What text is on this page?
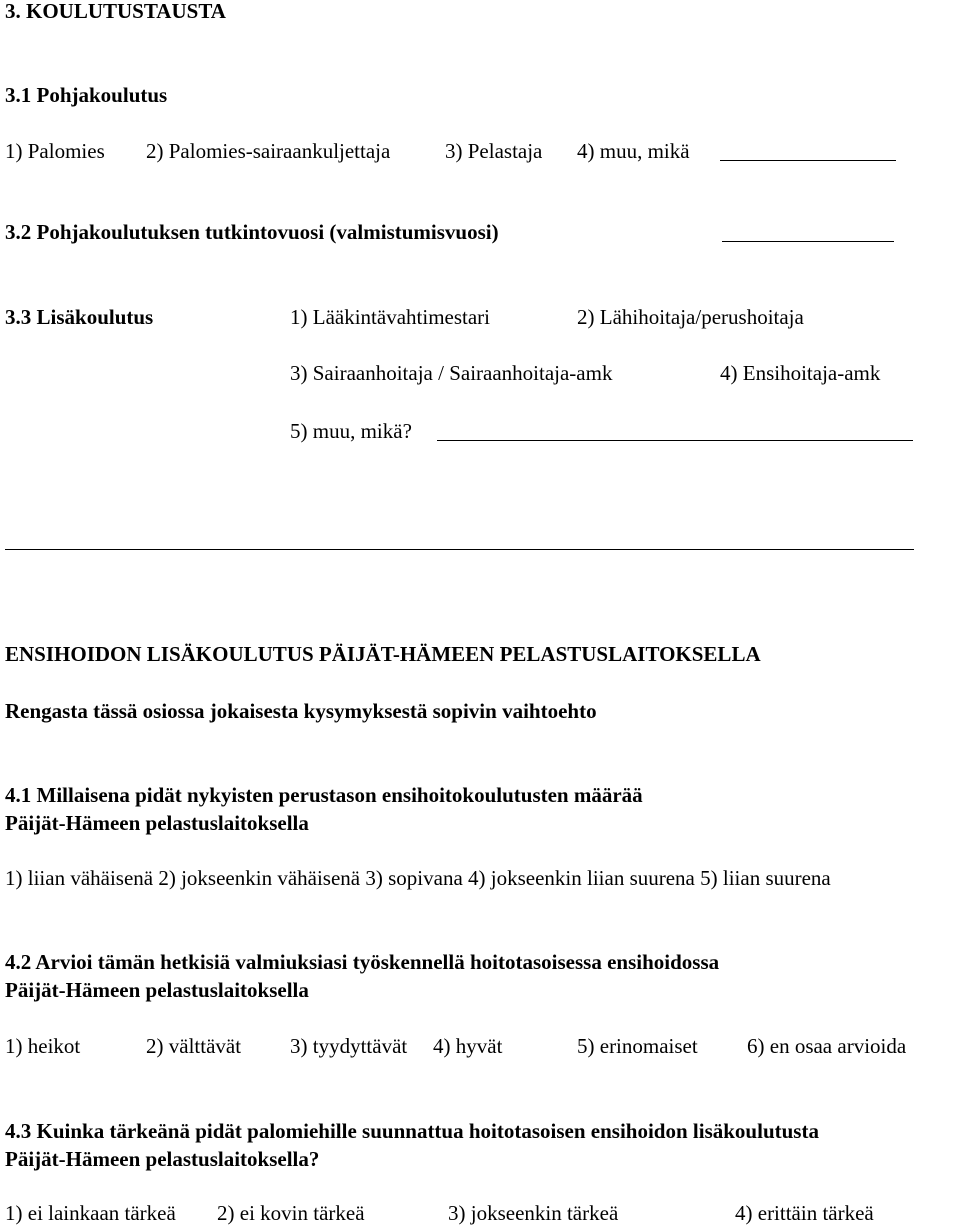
3. KOULUTUSTAUSTA
3.1 Pohjakoulutus
1) Palomies 2) Palomies-sairaankuljettaja	3) Pelastaja 4) muu, mikä
3.2 Pohjakoulutuksen tutkintovuosi (valmistumisvuosi)
3.3 Lisäkoulutus	1) Lääkintävahtimestari	2) Lähihoitaja/perushoitaja
3) Sairaanhoitaja / Sairaanhoitaja-amk	4) Ensihoitaja-amk
5) muu, mikä?
ENSIHOIDON LISÄKOULUTUS PÄIJÄT-HÄMEEN PELASTUSLAITOKSELLA
Rengasta tässä osiossa jokaisesta kysymyksestä sopivin vaihtoehto
4.1 Millaisena pidät nykyisten perustason ensihoitokoulutusten määrää
Päijät-Hämeen pelastuslaitoksella
1) liian vähäisenä 2) jokseenkin vähäisenä 3) sopivana 4) jokseenkin liian suurena 5) liian suurena
4.2 Arvioi tämän hetkisiä valmiuksiasi työskennellä hoitotasoisessa ensihoidossa
Päijät-Hämeen pelastuslaitoksella
1) heikot	2) välttävät 3) tyydyttävät 4) hyvät	5) erinomaiset 6) en osaa arvioida
4.3 Kuinka tärkeänä pidät palomiehille suunnattua hoitotasoisen ensihoidon lisäkoulutusta
Päijät-Hämeen pelastuslaitoksella?
1) ei lainkaan tärkeä 2) ei kovin tärkeä	3) jokseenkin tärkeä	4) erittäin tärkeä
